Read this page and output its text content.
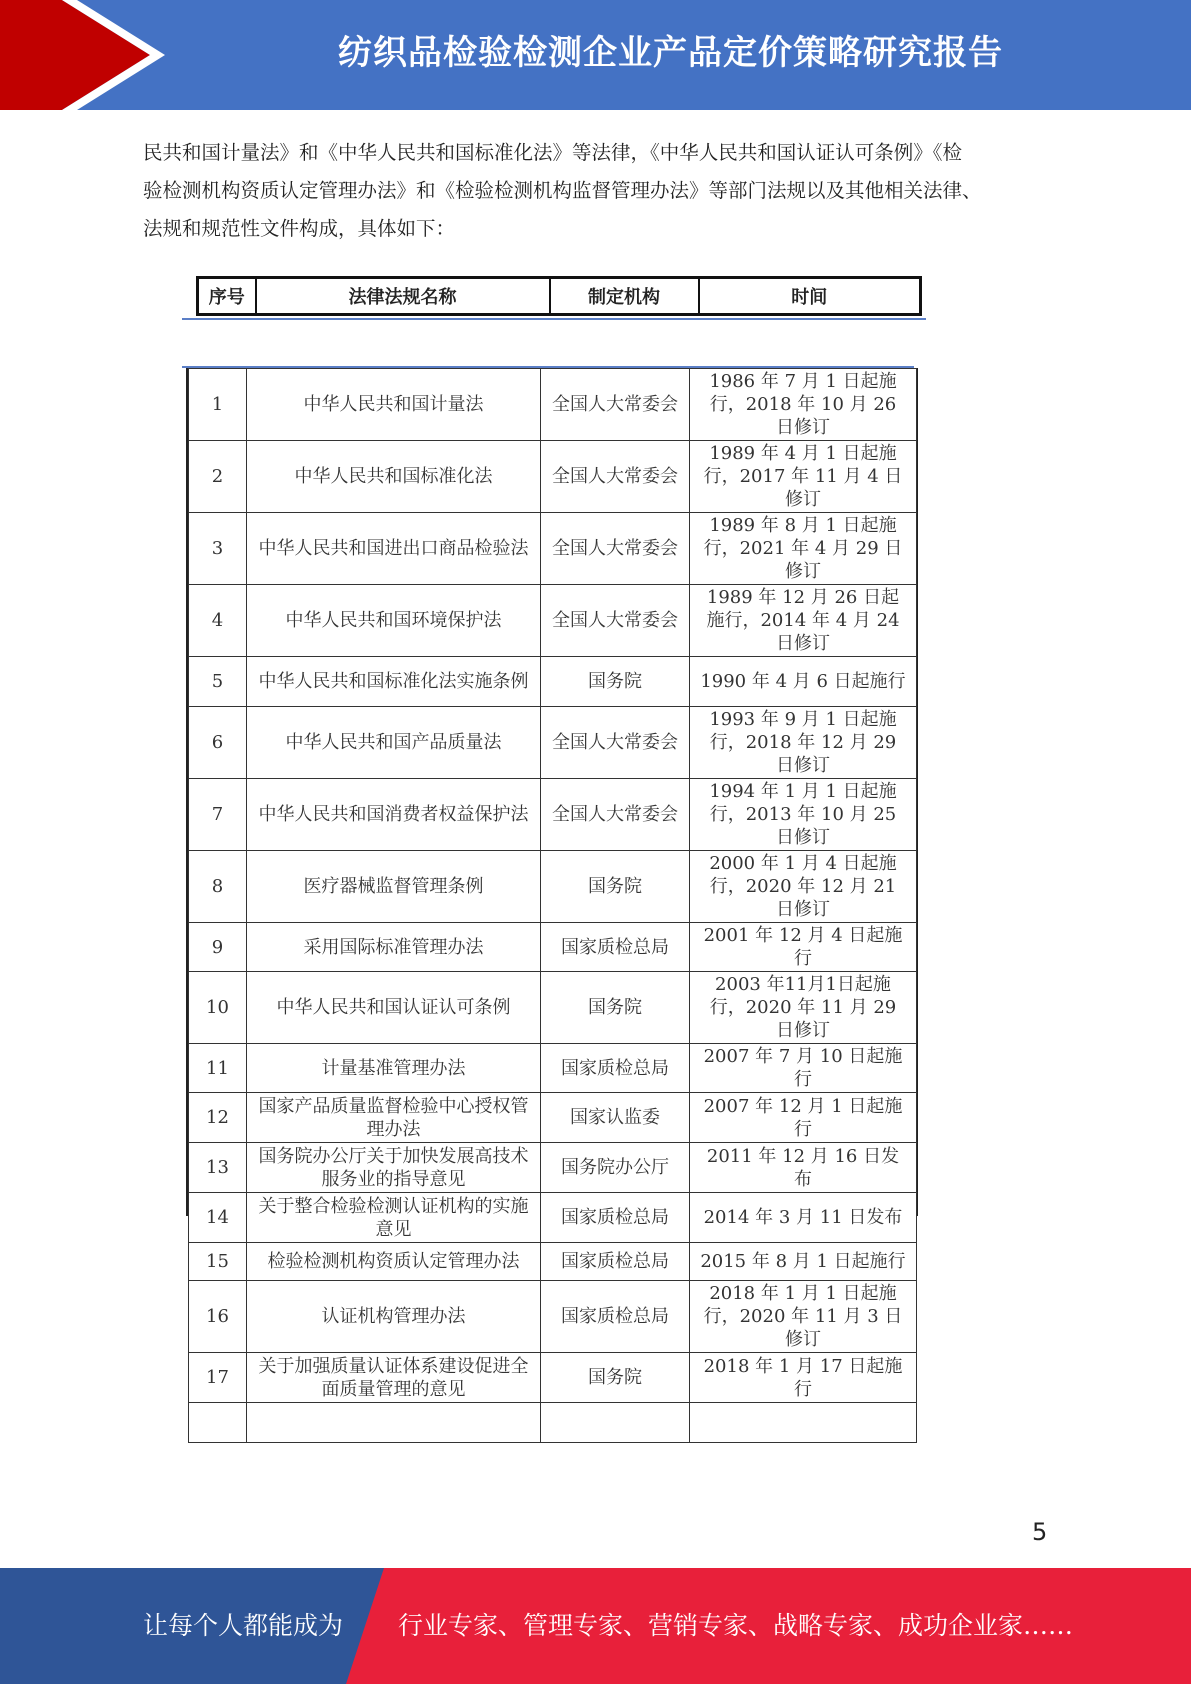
纺织品检验检测企业产品定价策略研究报告

民共和国计量法》和《中华人民共和国标准化法》等法律，《中华人民共和国认证认可条例》《检

验检测机构资质认定管理办法》和《检验检测机构监督管理办法》等部门法规以及其他相关法律、

法规和规范性文件构成，具体如下：

序号	法律法规名称	制定机构	时间
1	中华人民共和国计量法	全国人大常委会	1986 年 7 月 1 日起施行，2018 年 10 月 26 日修订
2	中华人民共和国标准化法	全国人大常委会	1989 年 4 月 1 日起施行，2017 年 11 月 4 日修订
3	中华人民共和国进出口商品检验法	全国人大常委会	1989 年 8 月 1 日起施行，2021 年 4 月 29 日修订
4	中华人民共和国环境保护法	全国人大常委会	1989 年 12 月 26 日起施行，2014 年 4 月 24 日修订
5	中华人民共和国标准化法实施条例	国务院	1990 年 4 月 6 日起施行
6	中华人民共和国产品质量法	全国人大常委会	1993 年 9 月 1 日起施行，2018 年 12 月 29 日修订
7	中华人民共和国消费者权益保护法	全国人大常委会	1994 年 1 月 1 日起施行，2013 年 10 月 25 日修订
8	医疗器械监督管理条例	国务院	2000 年 1 月 4 日起施行，2020 年 12 月 21 日修订
9	采用国际标准管理办法	国家质检总局	2001 年 12 月 4 日起施行
10	中华人民共和国认证认可条例	国务院	2003 年11月1日起施行，2020 年 11 月 29 日修订
11	计量基准管理办法	国家质检总局	2007 年 7 月 10 日起施行
12	国家产品质量监督检验中心授权管理办法	国家认监委	2007 年 12 月 1 日起施行
13	国务院办公厅关于加快发展高技术服务业的指导意见	国务院办公厅	2011 年 12 月 16 日发布
14	关于整合检验检测认证机构的实施意见	国家质检总局	2014 年 3 月 11 日发布
15	检验检测机构资质认定管理办法	国家质检总局	2015 年 8 月 1 日起施行
16	认证机构管理办法	国家质检总局	2018 年 1 月 1 日起施行，2020 年 11 月 3 日修订
17	关于加强质量认证体系建设促进全面质量管理的意见	国务院	2018 年 1 月 17 日起施行

5
让每个人都能成为 行业专家、管理专家、营销专家、战略专家、成功企业家……
